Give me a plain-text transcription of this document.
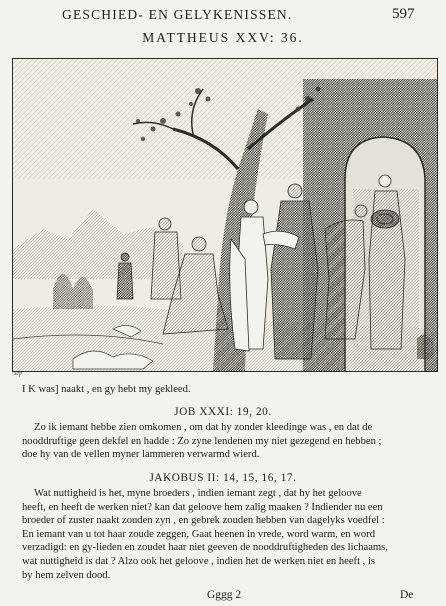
GESCHIED- EN GELYKENISSEN.	597
MATTHEUS XXV: 36.
scp
I K was] naakt , en gy hebt my gekleed.
JOB XXXI: 19, 20.
Zo ik iemant hebbe zien omkomen , om dat hy zonder kleedinge was , en dat de
nooddruftige geen dekfel en hadde : Zo zyne lendenen my niet gezegend en hebben ;
doe hy van de vellen myner lammeren verwarmd wierd.
JAKOBUS II: 14, 15, 16, 17.
Wat nuttigheid is het, myne broeders , indien iemant zegt , dat hy het geloove
heeft, en heeft de werken niet? kan dat geloove hem zalig maaken ? Indiender nu een
broeder of zuster naakt zouden zyn , en gebrek zouden hebben van dagelyks voedfel :
En iemant van u tot haar zoude zeggen, Gaat heenen in vrede, word warm, en word
verzadigd: en gy-lieden en zoudet haar niet geeven de nooddruftigheden des lichaams,
wat nuttigheid is dat ? Alzo ook het geloove , indien het de werken niet en heeft , is
by hem zelven dood.
Gggg 2	De
